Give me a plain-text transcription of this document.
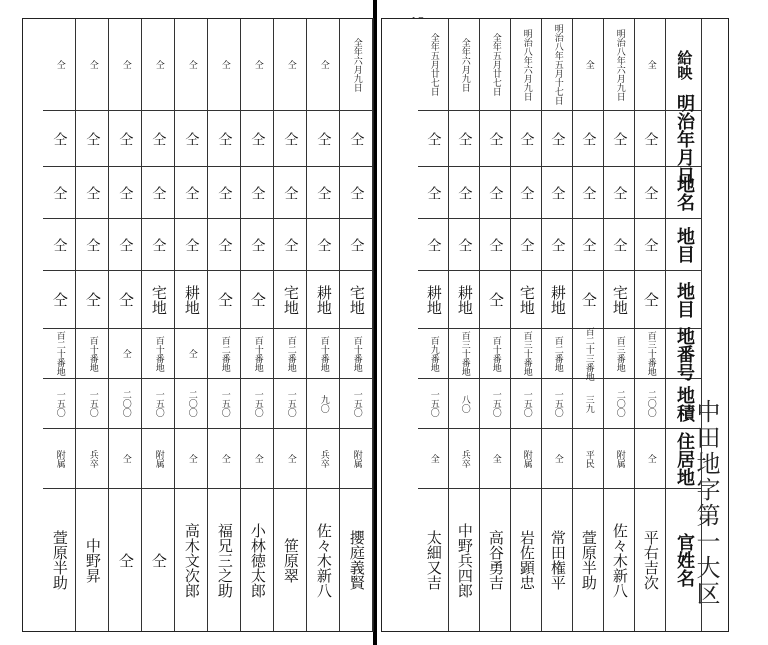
全年六月九日
仝
仝
仝
宅地
百十番地
一五〇
附属
攖庭義賢
仝
仝
仝
仝
耕地
百十番地
九〇
兵卒
佐々木新八
仝
仝
仝
仝
宅地
百二番地
一五〇
仝
笹原翠
仝
仝
仝
仝
仝
百十番地
一五〇
仝
小林徳太郎
仝
仝
仝
仝
仝
百二番地
一五〇
仝
福兄三之助
仝
仝
仝
仝
耕地
仝
二〇〇
仝
高木文次郎
仝
仝
仝
仝
宅地
百十番地
一五〇
附属
仝
仝
仝
仝
仝
仝
仝
二〇〇
仝
仝
仝
仝
仝
仝
仝
百十番地
一五〇
兵卒
中野昇
仝
仝
仝
仝
仝
百二十番地
一五〇
附属
萱原半助	中田地字第一大区
給映
明治年月日
地名
地目
地目
地番号
地積
住居地
官姓名
全
仝
仝
仝
仝
百三十番地
二〇〇
仝
平右吉次
明治八年六月九日
仝
仝
仝
宅地
百三番地
二〇〇
附属
佐々木新八
全
仝
仝
仝
仝
百二十三番地
三九
平民
萱原半助
明治八年五月十七日
仝
仝
仝
耕地
百二番地
一五〇
仝
常田権平
明治八年六月九日
仝
仝
仝
宅地
百三十番地
一五〇
附属
岩佐顕忠
全年五月廿七日
仝
仝
仝
仝
百十番地
一五〇
全
高谷勇吉
全年六月九日
仝
仝
仝
耕地
百三十番地
八〇
兵卒
中野兵四郎
全年五月廿七日
仝
仝
仝
耕地
百九番地
一五〇
全
太細又吉
